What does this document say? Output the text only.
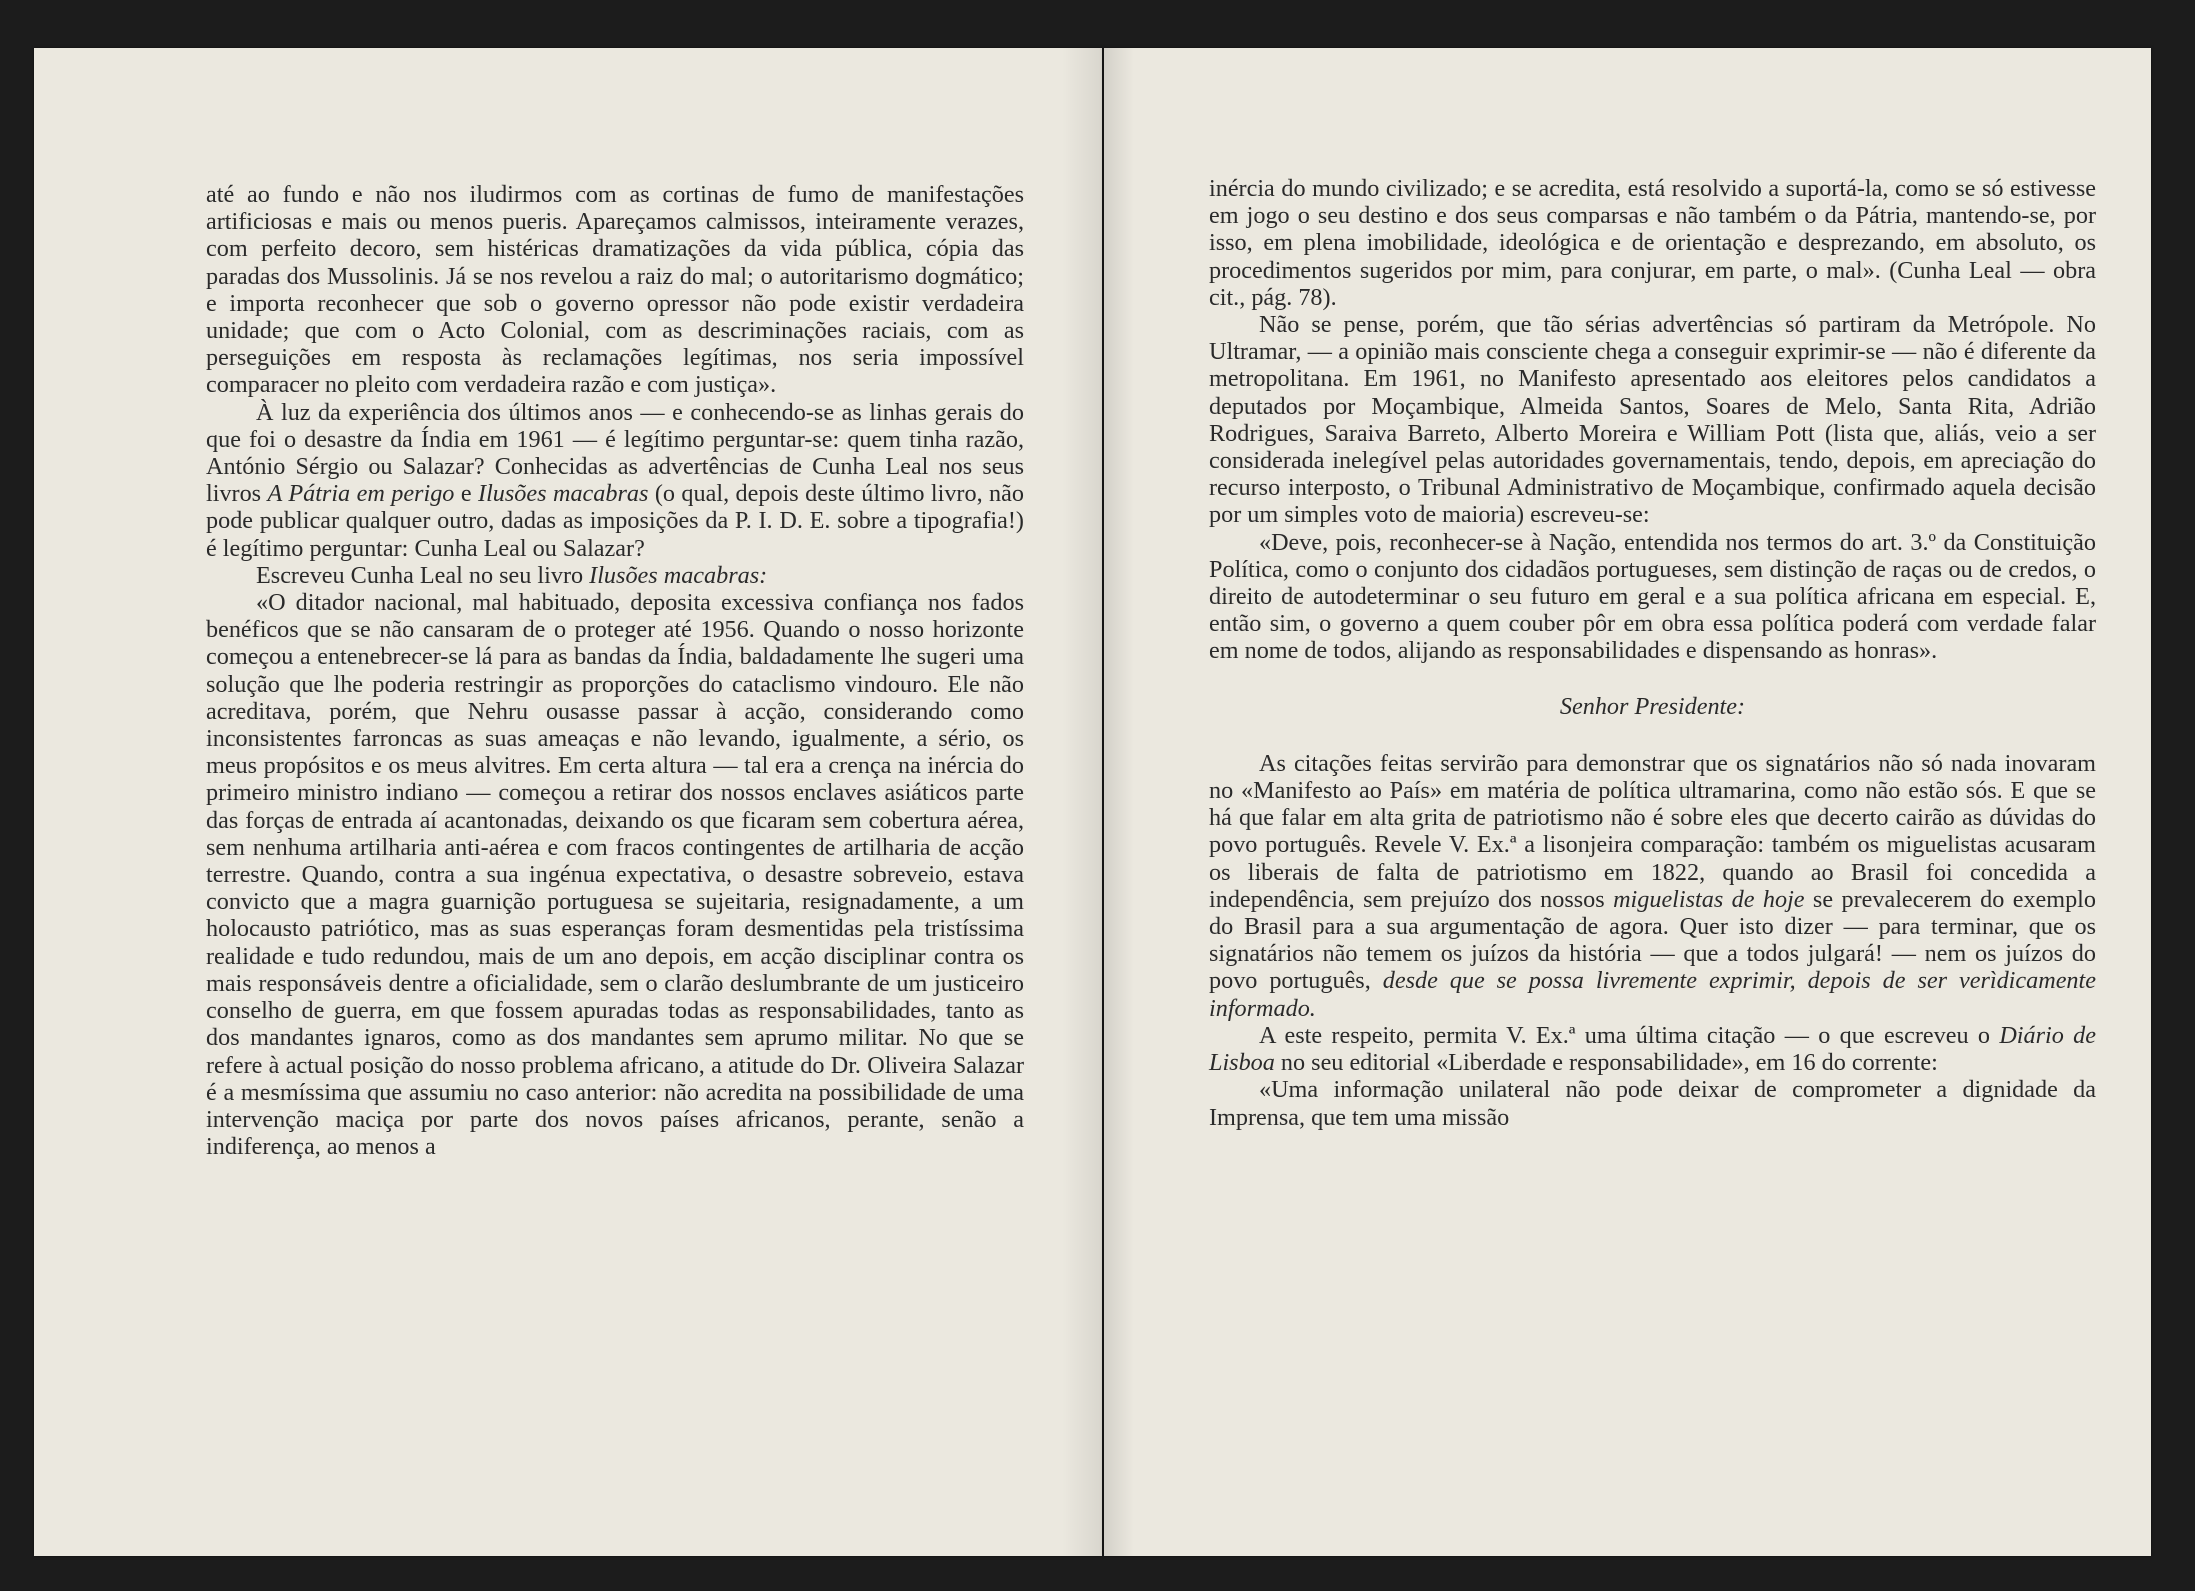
até ao fundo e não nos iludirmos com as cortinas de fumo de manifestações artificiosas e mais ou menos pueris. Apareçamos calmissos, inteiramente verazes, com perfeito decoro, sem histéricas dramatizações da vida pública, cópia das paradas dos Mussolinis. Já se nos revelou a raiz do mal; o autoritarismo dogmático; e importa reconhecer que sob o governo opressor não pode existir verdadeira unidade; que com o Acto Colonial, com as descriminações raciais, com as perseguições em resposta às reclamações legítimas, nos seria impossível comparacer no pleito com verdadeira razão e com justiça».

À luz da experiência dos últimos anos — e conhecendo-se as linhas gerais do que foi o desastre da Índia em 1961 — é legítimo perguntar-se: quem tinha razão, António Sérgio ou Salazar? Conhecidas as advertências de Cunha Leal nos seus livros A Pátria em perigo e Ilusões macabras (o qual, depois deste último livro, não pode publicar qualquer outro, dadas as imposições da P. I. D. E. sobre a tipografia!) é legítimo perguntar: Cunha Leal ou Salazar?

Escreveu Cunha Leal no seu livro Ilusões macabras:

«O ditador nacional, mal habituado, deposita excessiva confiança nos fados benéficos que se não cansaram de o proteger até 1956. Quando o nosso horizonte começou a entenebrecer-se lá para as bandas da Índia, baldadamente lhe sugeri uma solução que lhe poderia restringir as proporções do cataclismo vindouro. Ele não acreditava, porém, que Nehru ousasse passar à acção, considerando como inconsistentes farroncas as suas ameaças e não levando, igualmente, a sério, os meus propósitos e os meus alvitres. Em certa altura — tal era a crença na inércia do primeiro ministro indiano — começou a retirar dos nossos enclaves asiáticos parte das forças de entrada aí acantonadas, deixando os que ficaram sem cobertura aérea, sem nenhuma artilharia anti-aérea e com fracos contingentes de artilharia de acção terrestre. Quando, contra a sua ingénua expectativa, o desastre sobreveio, estava convicto que a magra guarnição portuguesa se sujeitaria, resignadamente, a um holocausto patriótico, mas as suas esperanças foram desmentidas pela tristíssima realidade e tudo redundou, mais de um ano depois, em acção disciplinar contra os mais responsáveis dentre a oficialidade, sem o clarão deslumbrante de um justiceiro conselho de guerra, em que fossem apuradas todas as responsabilidades, tanto as dos mandantes ignaros, como as dos mandantes sem aprumo militar. No que se refere à actual posição do nosso problema africano, a atitude do Dr. Oliveira Salazar é a mesmíssima que assumiu no caso anterior: não acredita na possibilidade de uma intervenção maciça por parte dos novos países africanos, perante, senão a indiferença, ao menos a

inércia do mundo civilizado; e se acredita, está resolvido a suportá-la, como se só estivesse em jogo o seu destino e dos seus comparsas e não também o da Pátria, mantendo-se, por isso, em plena imobilidade, ideológica e de orientação e desprezando, em absoluto, os procedimentos sugeridos por mim, para conjurar, em parte, o mal». (Cunha Leal — obra cit., pág. 78).

Não se pense, porém, que tão sérias advertências só partiram da Metrópole. No Ultramar, — a opinião mais consciente chega a conseguir exprimir-se — não é diferente da metropolitana. Em 1961, no Manifesto apresentado aos eleitores pelos candidatos a deputados por Moçambique, Almeida Santos, Soares de Melo, Santa Rita, Adrião Rodrigues, Saraiva Barreto, Alberto Moreira e William Pott (lista que, aliás, veio a ser considerada inelegível pelas autoridades governamentais, tendo, depois, em apreciação do recurso interposto, o Tribunal Administrativo de Moçambique, confirmado aquela decisão por um simples voto de maioria) escreveu-se:

«Deve, pois, reconhecer-se à Nação, entendida nos termos do art. 3.º da Constituição Política, como o conjunto dos cidadãos portugueses, sem distinção de raças ou de credos, o direito de autodeterminar o seu futuro em geral e a sua política africana em especial. E, então sim, o governo a quem couber pôr em obra essa política poderá com verdade falar em nome de todos, alijando as responsabilidades e dispensando as honras».

Senhor Presidente:

As citações feitas servirão para demonstrar que os signatários não só nada inovaram no «Manifesto ao País» em matéria de política ultramarina, como não estão sós. E que se há que falar em alta grita de patriotismo não é sobre eles que decerto cairão as dúvidas do povo português. Revele V. Ex.ª a lisonjeira comparação: também os miguelistas acusaram os liberais de falta de patriotismo em 1822, quando ao Brasil foi concedida a independência, sem prejuízo dos nossos miguelistas de hoje se prevalecerem do exemplo do Brasil para a sua argumentação de agora. Quer isto dizer — para terminar, que os signatários não temem os juízos da história — que a todos julgará! — nem os juízos do povo português, desde que se possa livremente exprimir, depois de ser verìdicamente informado.

A este respeito, permita V. Ex.ª uma última citação — o que escreveu o Diário de Lisboa no seu editorial «Liberdade e responsabilidade», em 16 do corrente:

«Uma informação unilateral não pode deixar de comprometer a dignidade da Imprensa, que tem uma missão
